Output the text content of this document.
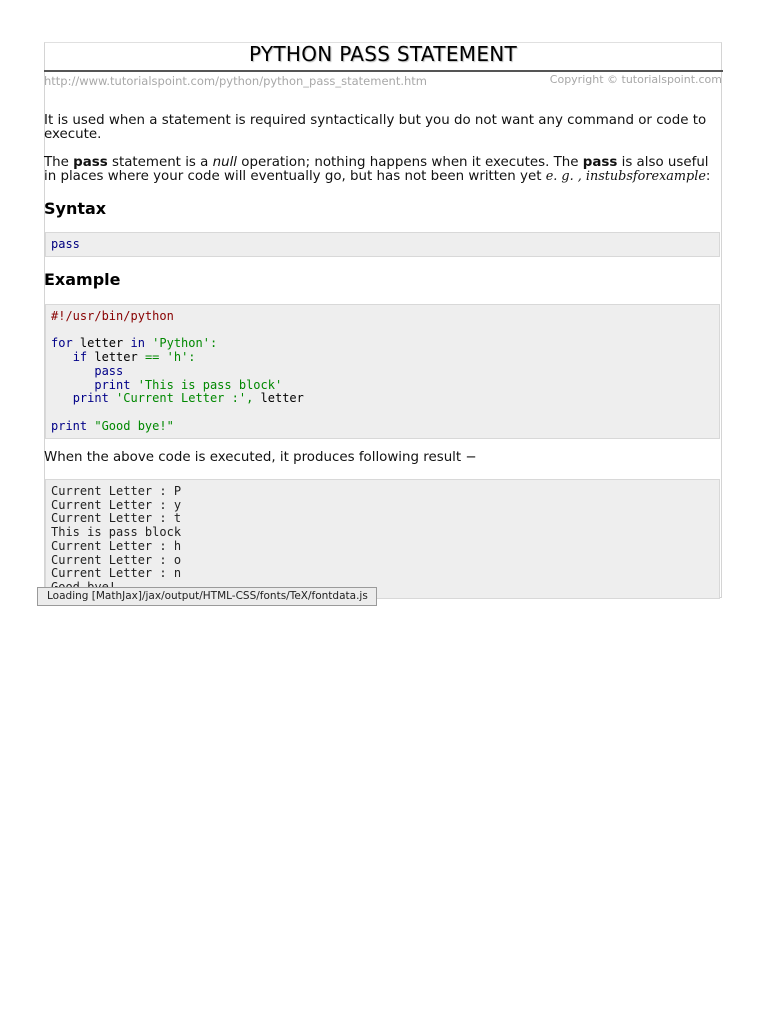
PYTHON PASS STATEMENT
http://www.tutorialspoint.com/python/python_pass_statement.htm	Copyright © tutorialspoint.com
It is used when a statement is required syntactically but you do not want any command or code to execute.
The pass statement is a null operation; nothing happens when it executes. The pass is also useful in places where your code will eventually go, but has not been written yet e. g. , instubsforexample:
Syntax
pass
Example
#!/usr/bin/python

for letter in 'Python':
if letter == 'h':
pass
print 'This is pass block'
print 'Current Letter :', letter

print "Good bye!"
When the above code is executed, it produces following result −
Current Letter : P
Current Letter : y
Current Letter : t
This is pass block
Current Letter : h
Current Letter : o
Current Letter : n

Loading [MathJax]/jax/output/HTML-CSS/fonts/TeX/fontdata.js
